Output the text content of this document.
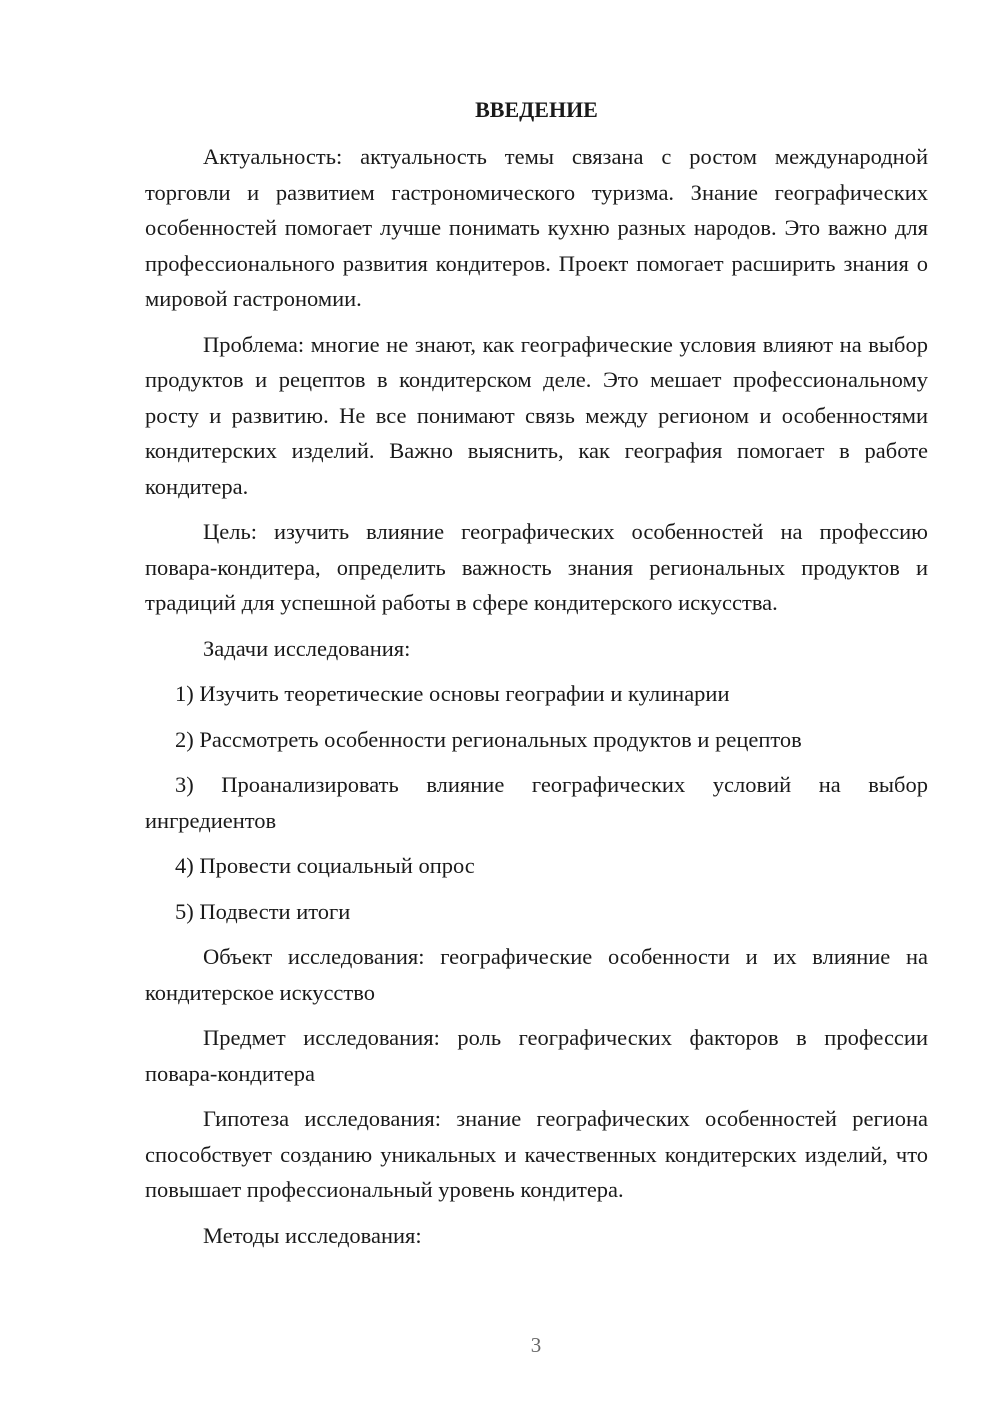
ВВЕДЕНИЕ

Актуальность: актуальность темы связана с ростом международной торговли и развитием гастрономического туризма. Знание географических особенностей помогает лучше понимать кухню разных народов. Это важно для профессионального развития кондитеров. Проект помогает расширить знания о мировой гастрономии.

Проблема: многие не знают, как географические условия влияют на выбор продуктов и рецептов в кондитерском деле. Это мешает профессиональному росту и развитию. Не все понимают связь между регионом и особенностями кондитерских изделий. Важно выяснить, как география помогает в работе кондитера.

Цель: изучить влияние географических особенностей на профессию повара-кондитера, определить важность знания региональных продуктов и традиций для успешной работы в сфере кондитерского искусства.

Задачи исследования:

1) Изучить теоретические основы географии и кулинарии

2) Рассмотреть особенности региональных продуктов и рецептов

3) Проанализировать влияние географических условий на выбор ингредиентов

4) Провести социальный опрос

5) Подвести итоги

Объект исследования: географические особенности и их влияние на кондитерское искусство

Предмет исследования: роль географических факторов в профессии повара-кондитера

Гипотеза исследования: знание географических особенностей региона способствует созданию уникальных и качественных кондитерских изделий, что повышает профессиональный уровень кондитера.

Методы исследования:

3
